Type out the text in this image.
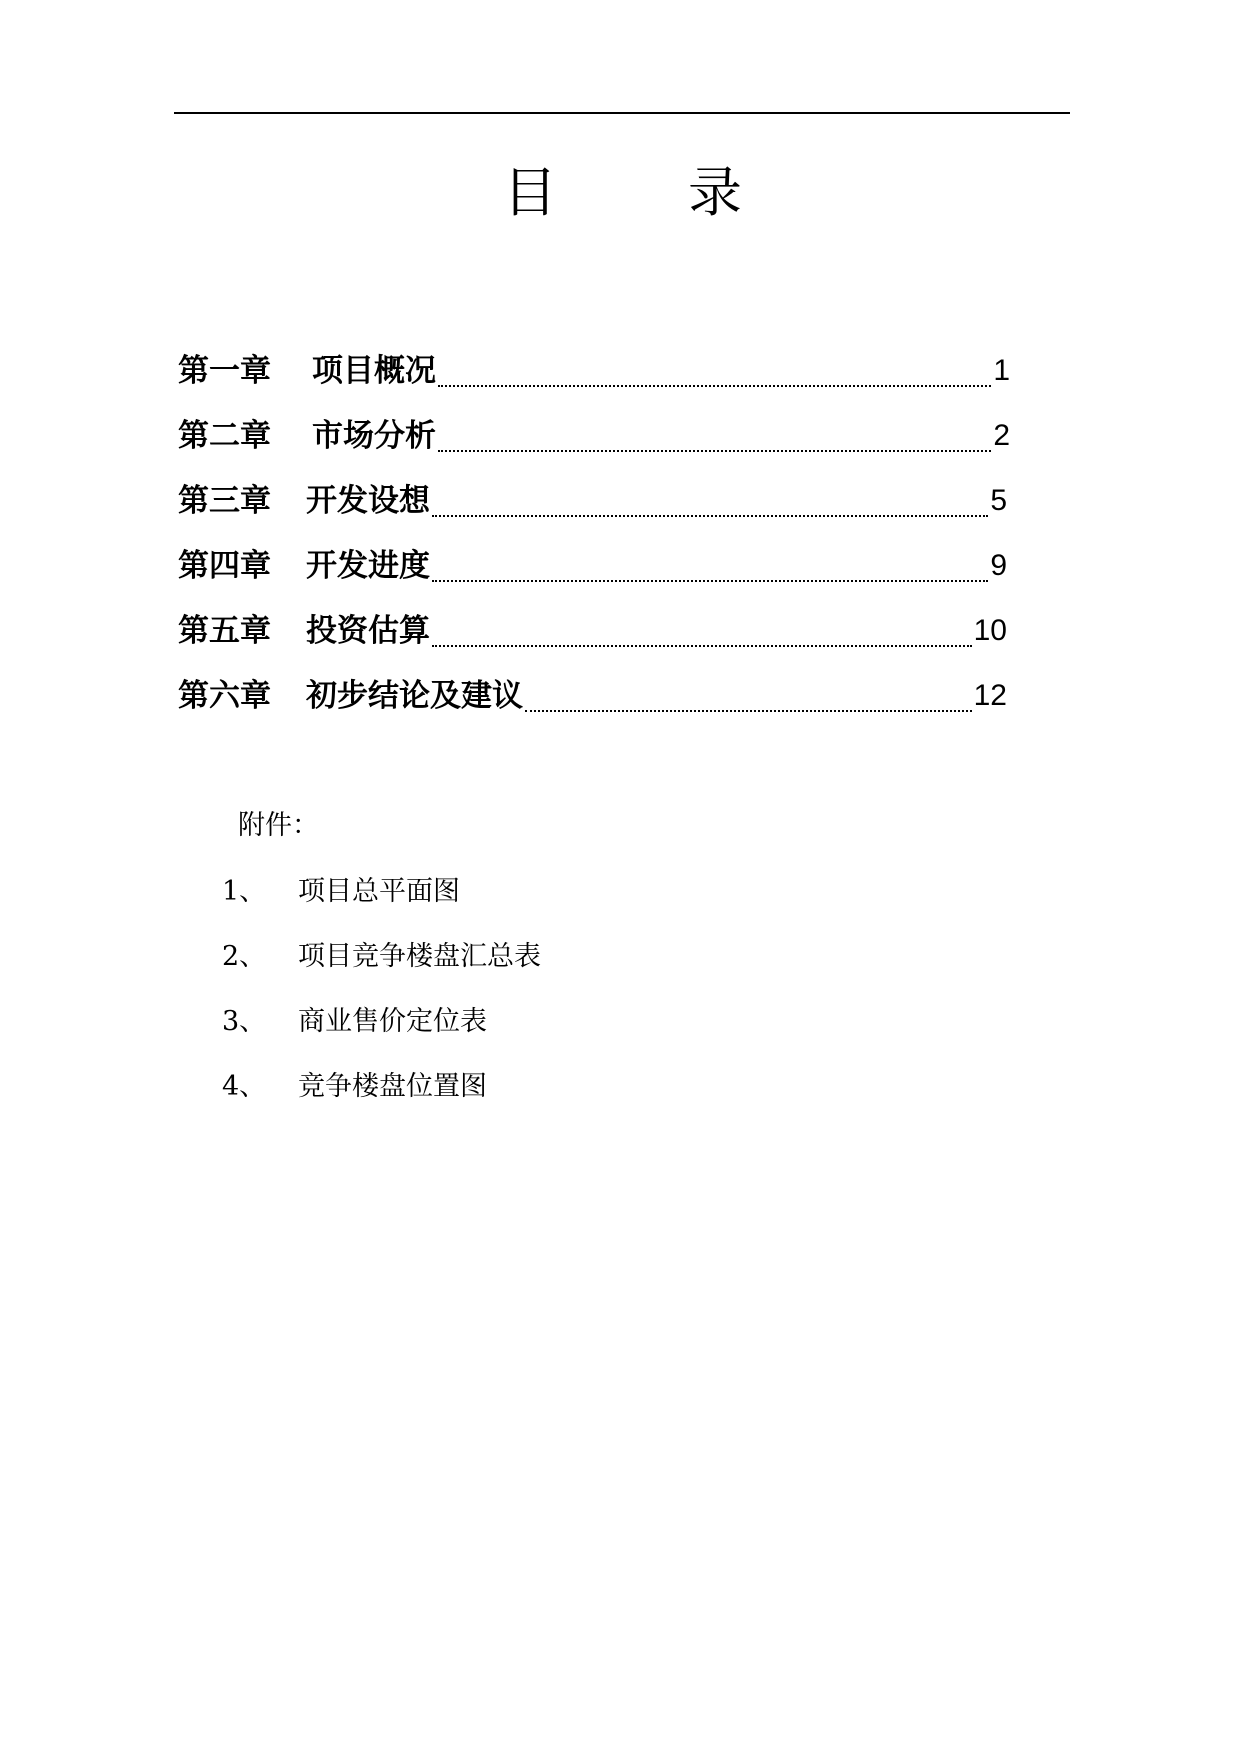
目 录
第一章	项目概况	1
第二章	市场分析	2
第三章	开发设想	5
第四章	开发进度	9
第五章	投资估算	10
第六章	初步结论及建议	12
附件：
1、 项目总平面图
2、 项目竞争楼盘汇总表
3、 商业售价定位表
4、 竞争楼盘位置图
